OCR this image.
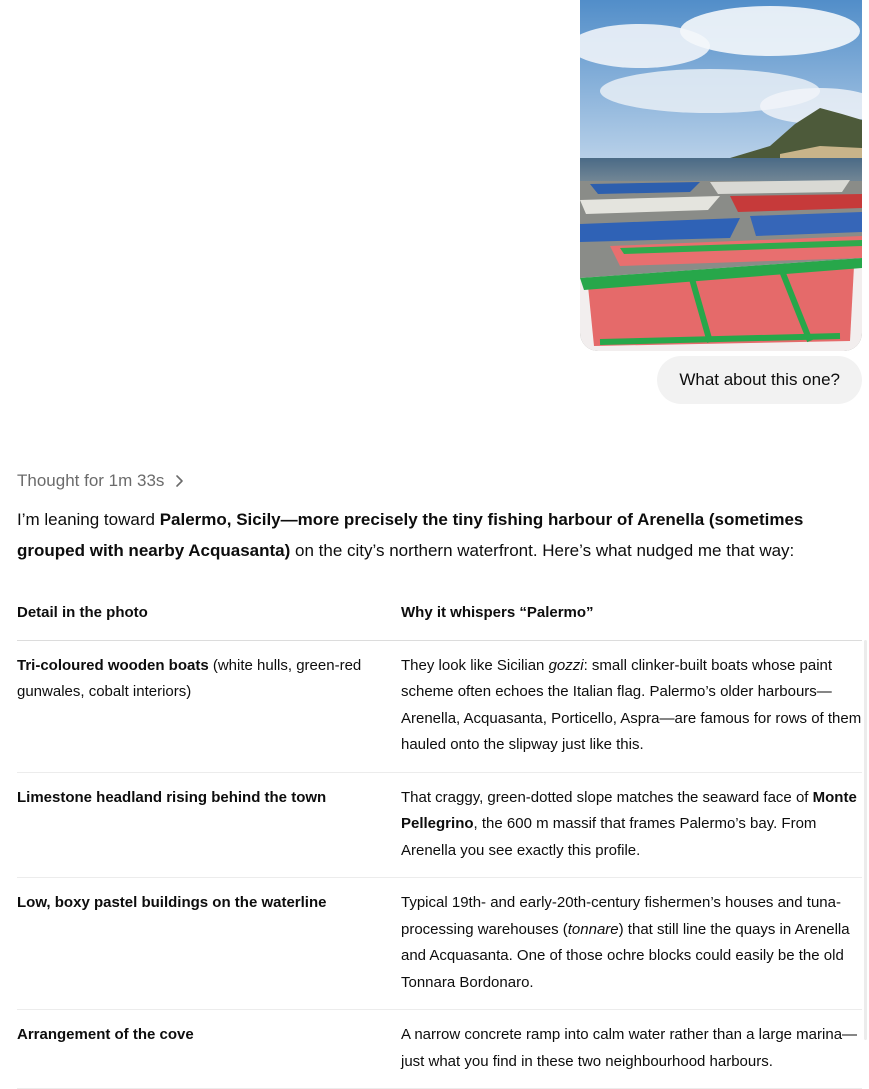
What about this one?
Thought for 1m 33s
I’m leaning toward Palermo, Sicily—more precisely the tiny fishing harbour of Arenella (sometimes grouped with nearby Acquasanta) on the city’s northern waterfront. Here’s what nudged me that way:
Detail in the photo	Why it whispers “Palermo”
Tri-coloured wooden boats (white hulls, green-red gunwales, cobalt interiors)	They look like Sicilian gozzi: small clinker-built boats whose paint scheme often echoes the Italian flag. Palermo’s older harbours—Arenella, Acquasanta, Porticello, Aspra—are famous for rows of them hauled onto the slipway just like this.
Limestone headland rising behind the town	That craggy, green-dotted slope matches the seaward face of Monte Pellegrino, the 600 m massif that frames Palermo’s bay. From Arenella you see exactly this profile.
Low, boxy pastel buildings on the waterline	Typical 19th- and early-20th-century fishermen’s houses and tuna-processing warehouses (tonnare) that still line the quays in Arenella and Acquasanta. One of those ochre blocks could easily be the old Tonnara Bordonaro.
Arrangement of the cove	A narrow concrete ramp into calm water rather than a large marina—just what you find in these two neighbourhood harbours.
